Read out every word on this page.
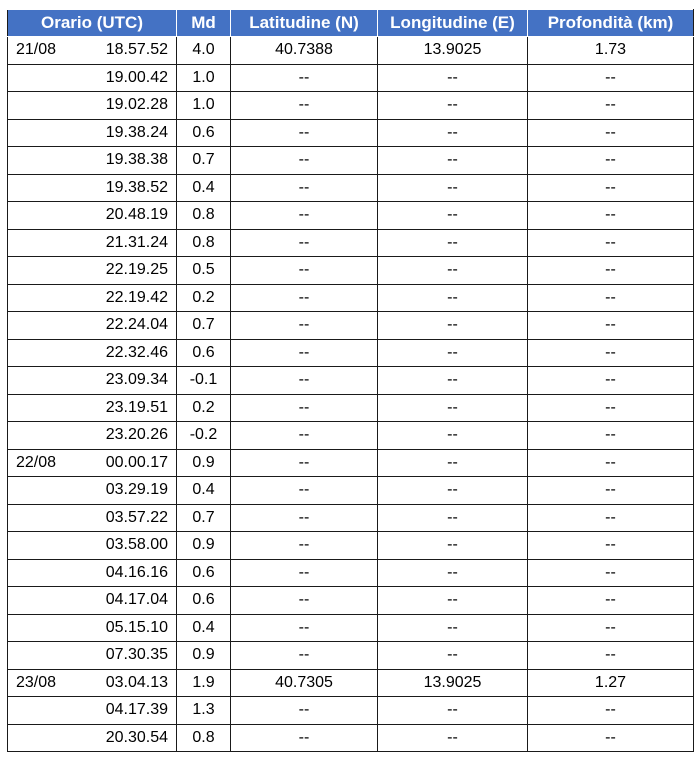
Orario (UTC)	Md	Latitudine (N)	Longitudine (E)	Profondità (km)

21/08 18.57.52	4.0	40.7388	13.9025	1.73
19.00.42	1.0	--	--	--
19.02.28	1.0	--	--	--
19.38.24	0.6	--	--	--
19.38.38	0.7	--	--	--
19.38.52	0.4	--	--	--
20.48.19	0.8	--	--	--
21.31.24	0.8	--	--	--
22.19.25	0.5	--	--	--
22.19.42	0.2	--	--	--
22.24.04	0.7	--	--	--
22.32.46	0.6	--	--	--
23.09.34	-0.1	--	--	--
23.19.51	0.2	--	--	--
23.20.26	-0.2	--	--	--

22/08 00.00.17	0.9	--	--	--
03.29.19	0.4	--	--	--
03.57.22	0.7	--	--	--
03.58.00	0.9	--	--	--
04.16.16	0.6	--	--	--
04.17.04	0.6	--	--	--
05.15.10	0.4	--	--	--
07.30.35	0.9	--	--	--

23/08 03.04.13	1.9	40.7305	13.9025	1.27
04.17.39	1.3	--	--	--
20.30.54	0.8	--	--	--
